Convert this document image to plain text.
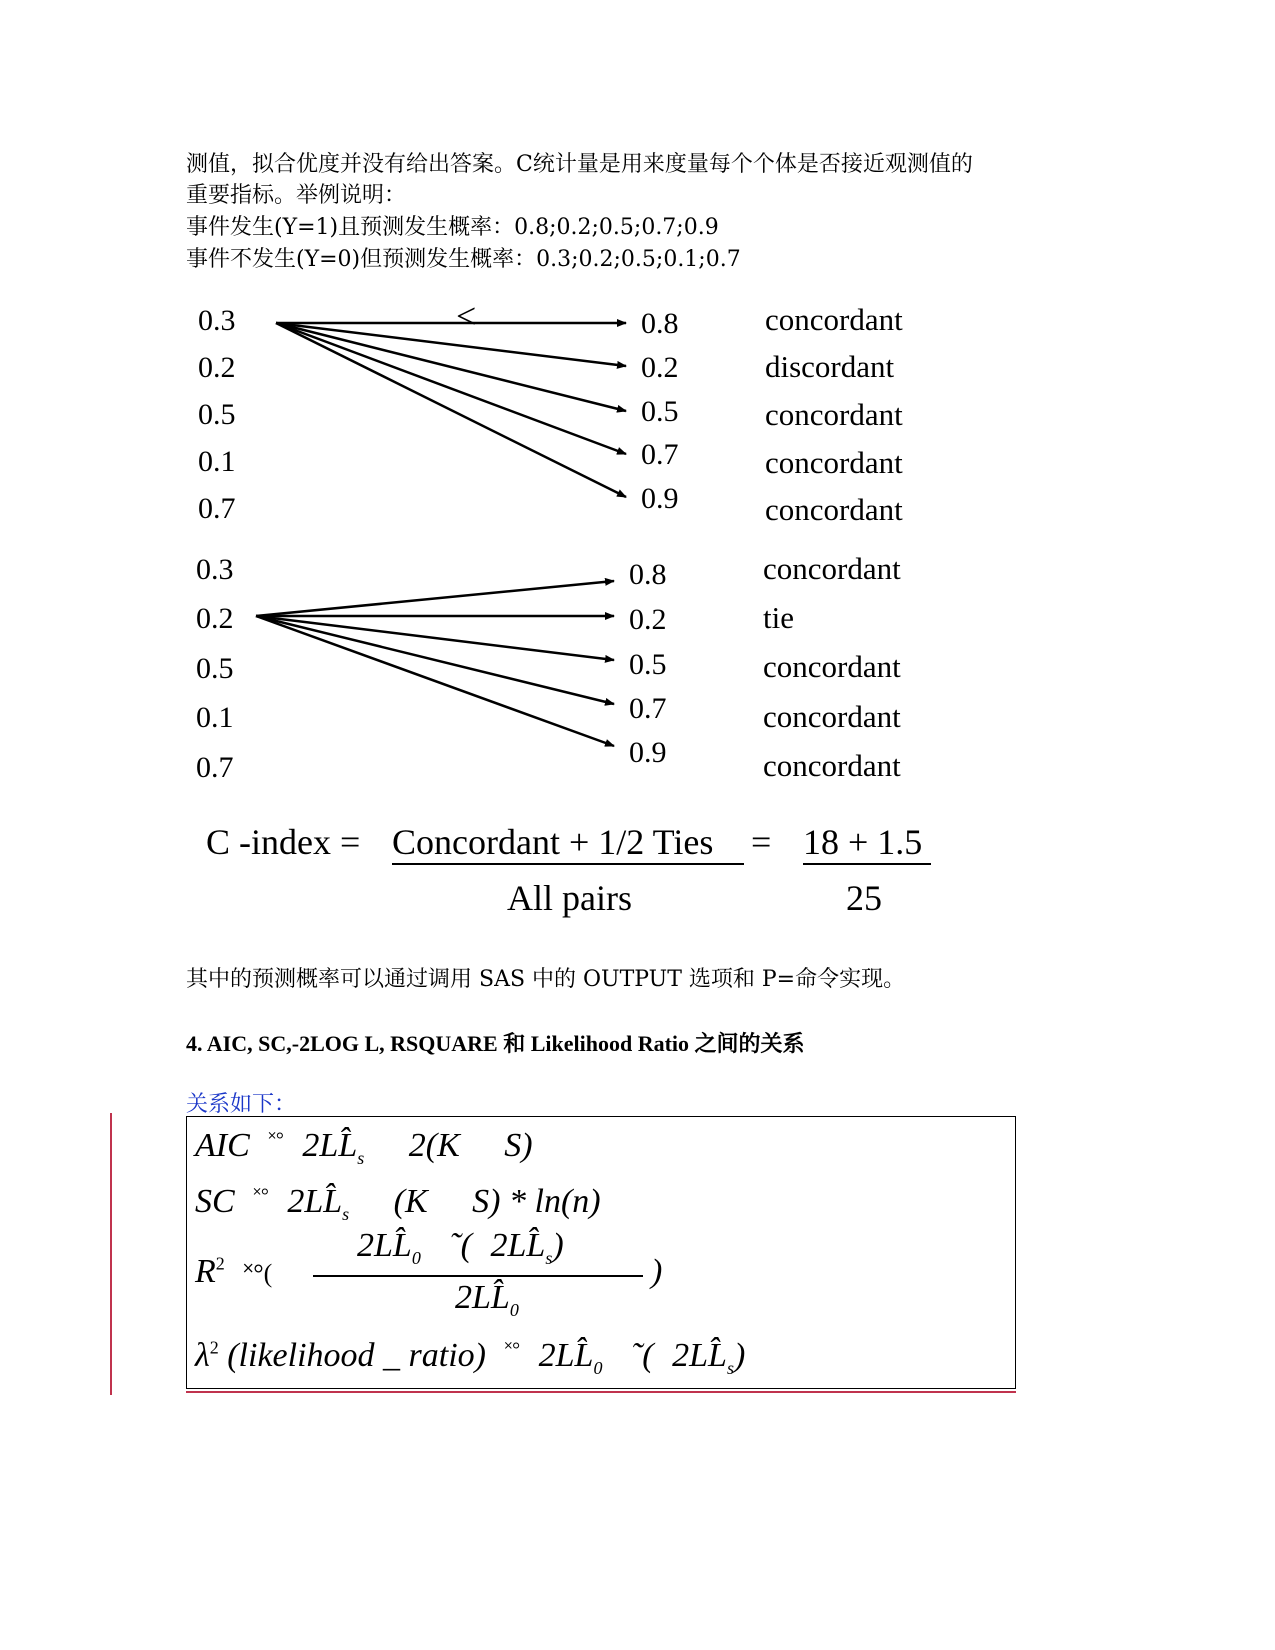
测值，拟合优度并没有给出答案。C统计量是用来度量每个个体是否接近观测值的
重要指标。举例说明：
事件发生(Y=1)且预测发生概率：0.8;0.2;0.5;0.7;0.9
事件不发生(Y=0)但预测发生概率：0.3;0.2;0.5;0.1;0.7
0.3
0.2
0.5
0.1
0.7
<	0.8
0.2
0.5
0.7
0.9
concordant
discordant
concordant
concordant
concordant
0.3
0.2
0.5
0.1
0.7
0.8
0.2
0.5
0.7
0.9
concordant
tie
concordant
concordant
concordant
C -index = Concordant + 1/2 Ties
All pairs
= 18 + 1.5
25
其中的预测概率可以通过调用 SAS 中的 OUTPUT 选项和 P=命令实现。
4. AIC, SC,-2LOG L, RSQUARE 和 Likelihood Ratio 之间的关系
关系如下：
AIC ˟° $2LL̂_s$ 2(K S)
SC ˟° $2LL̂_s$ (K S) * ln(n)
$R^2$ ˟°(
$2LL̂_0$ ˜( $2LL̂_s$)
$2LL̂_0$
)
$\lambda^2$ (likelihood _ ratio) ˟° $2LL̂_0$ ˜( $2LL̂_s$)
